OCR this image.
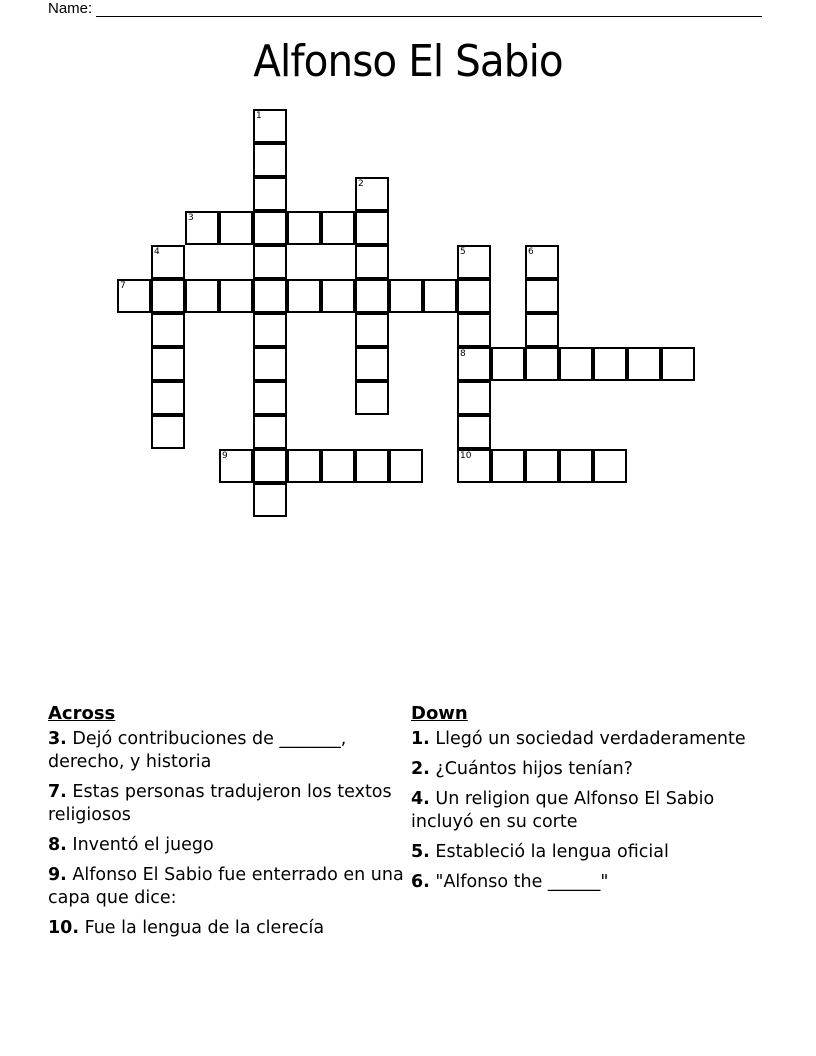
Name:
Alfonso El Sabio
1
2
3
4	5
8
10
6
7
9
Across
3. Dejó contribuciones de _______, derecho, y historia
7. Estas personas tradujeron los textos religiosos
8. Inventó el juego
9. Alfonso El Sabio fue enterrado en una capa que dice:
10. Fue la lengua de la clerecía
Down
1. Llegó un sociedad verdaderamente
2. ¿Cuántos hijos tenían?
4. Un religion que Alfonso El Sabio incluyó en su corte
5. Estableció la lengua oficial
6. "Alfonso the ______"
